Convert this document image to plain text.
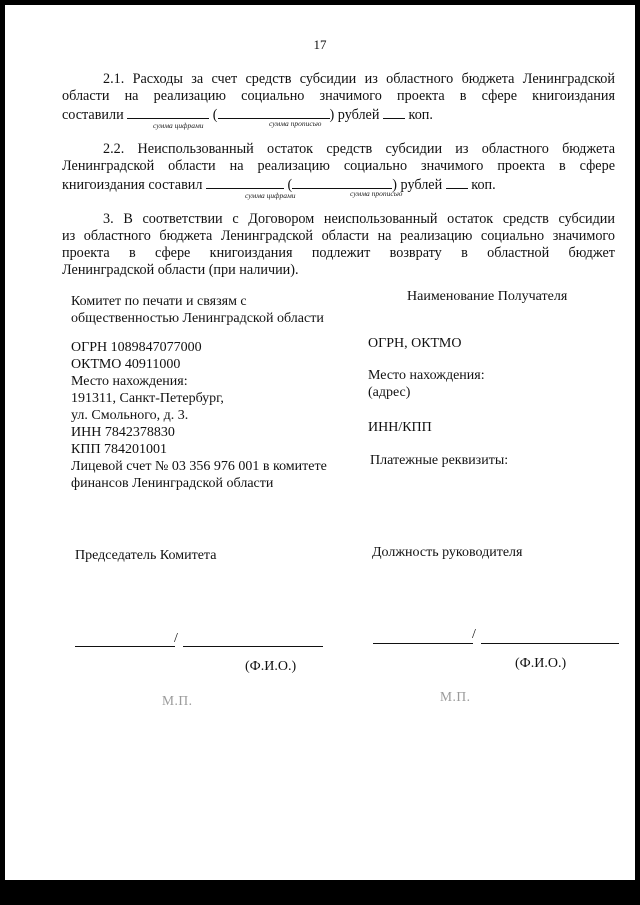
17
2.1. Расходы за счет средств субсидии из областного бюджета Ленинградской
области на реализацию социально значимого проекта в сфере книгоиздания
составили	(	) рублей коп.
сумма цифрами	сумма прописью
2.2. Неиспользованный остаток средств субсидии из областного бюджета
Ленинградской области на реализацию социально значимого проекта в сфере
книгоиздания составил	(	) рублей коп.
сумма цифрами	сумма прописью
3. В соответствии с Договором неиспользованный остаток средств субсидии
из областного бюджета Ленинградской области на реализацию социально значимого
проекта в сфере книгоиздания подлежит возврату в областной бюджет
Ленинградской области (при наличии).
Комитет по печати и связям с
общественностью Ленинградской области
ОГРН 1089847077000
ОКТМО 40911000
Место нахождения:
191311, Санкт-Петербург,
ул. Смольного, д. 3.
ИНН 7842378830
КПП 784201001
Лицевой счет № 03 356 976 001 в комитете
финансов Ленинградской области
Наименование Получателя
ОГРН, ОКТМО
Место нахождения:
(адрес)
ИНН/КПП
Платежные реквизиты:
Председатель Комитета	Должность руководителя
/	/
(Ф.И.О.)	(Ф.И.О.)
М.П.	М.П.
